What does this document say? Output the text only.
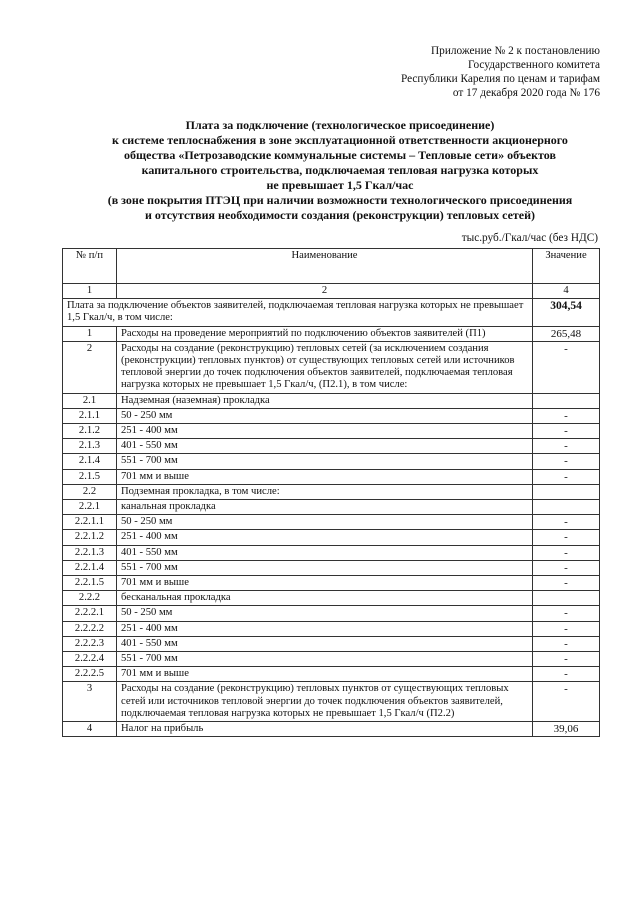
Приложение № 2 к постановлению
Государственного комитета
Республики Карелия по ценам и тарифам
от 17 декабря 2020 года № 176
Плата за подключение (технологическое присоединение)
к системе теплоснабжения в зоне эксплуатационной ответственности акционерного
общества «Петрозаводские коммунальные системы – Тепловые сети» объектов
капитального строительства, подключаемая тепловая нагрузка которых
не превышает 1,5 Гкал/час
(в зоне покрытия ПТЭЦ при наличии возможности технологического присоединения
и отсутствия необходимости создания (реконструкции) тепловых сетей)
тыс.руб./Гкал/час (без НДС)
№ п/п	Наименование	Значение
1	2	4
Плата за подключение объектов заявителей, подключаемая тепловая нагрузка которых не превышает 1,5 Гкал/ч, в том числе:		304,54
1	Расходы на проведение мероприятий по подключению объектов заявителей (П1)	265,48
2	Расходы на создание (реконструкцию) тепловых сетей (за исключением создания (реконструкции) тепловых пунктов) от существующих тепловых сетей или источников тепловой энергии до точек подключения объектов заявителей, подключаемая тепловая нагрузка которых не превышает 1,5 Гкал/ч, (П2.1), в том числе:	-
2.1	Надземная (наземная) прокладка	
2.1.1	50 - 250 мм	-
2.1.2	251 - 400 мм	-
2.1.3	401 - 550 мм	-
2.1.4	551 - 700 мм	-
2.1.5	701 мм и выше	-
2.2	Подземная прокладка, в том числе:	
2.2.1	канальная прокладка	
2.2.1.1	50 - 250 мм	-
2.2.1.2	251 - 400 мм	-
2.2.1.3	401 - 550 мм	-
2.2.1.4	551 - 700 мм	-
2.2.1.5	701 мм и выше	-
2.2.2	бесканальная прокладка	
2.2.2.1	50 - 250 мм	-
2.2.2.2	251 - 400 мм	-
2.2.2.3	401 - 550 мм	-
2.2.2.4	551 - 700 мм	-
2.2.2.5	701 мм и выше	-
3	Расходы на создание (реконструкцию) тепловых пунктов от существующих тепловых сетей или источников тепловой энергии до точек подключения объектов заявителей, подключаемая тепловая нагрузка которых не превышает 1,5 Гкал/ч (П2.2)	-
4	Налог на прибыль	39,06
